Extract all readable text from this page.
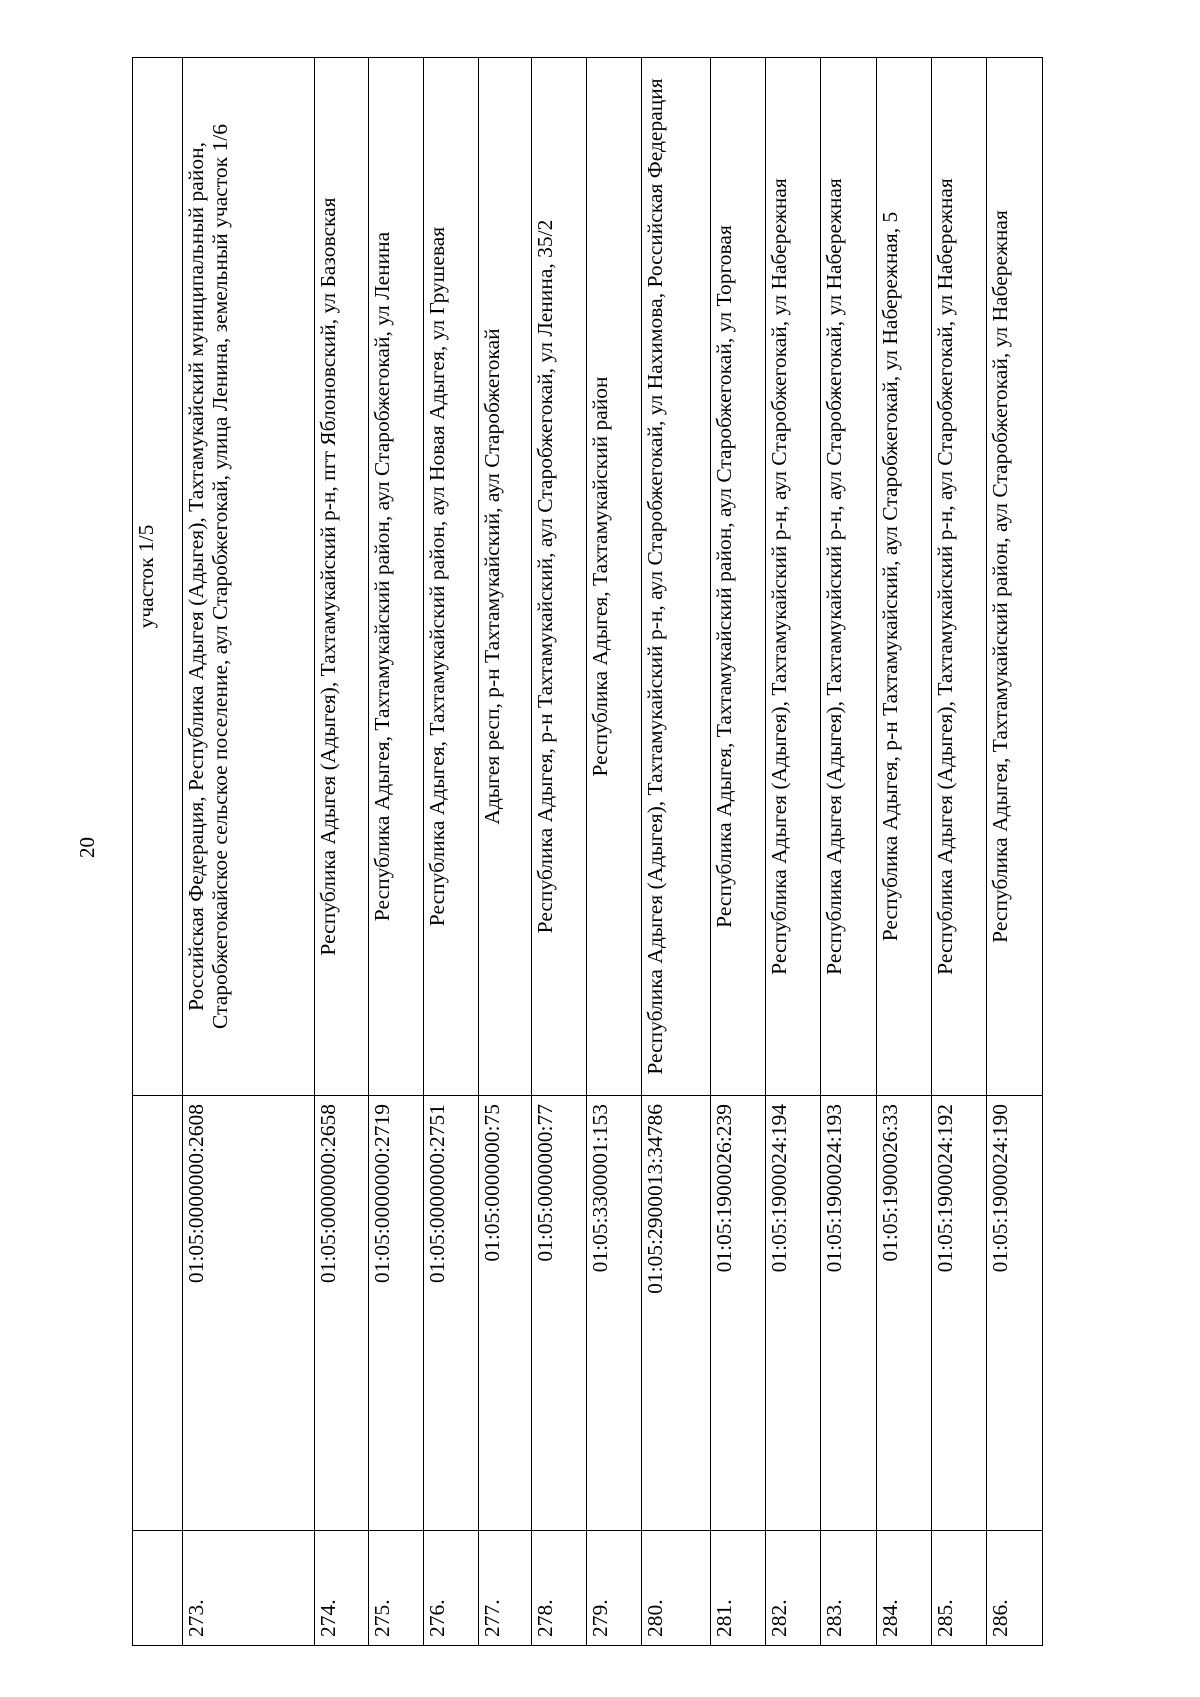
20
		участок 1/5
273.	01:05:0000000:2608	Российская Федерация, Республика Адыгея (Адыгея), Тахтамукайский муниципальный район, Старобжегокайское сельское поселение, аул Старобжегокай, улица Ленина, земельный участок 1/6
274.	01:05:0000000:2658	Республика Адыгея (Адыгея), Тахтамукайский р-н, пгт Яблоновский, ул Базовская
275.	01:05:0000000:2719	Республика Адыгея, Тахтамукайский район, аул Старобжегокай, ул Ленина
276.	01:05:0000000:2751	Республика Адыгея, Тахтамукайский район, аул Новая Адыгея, ул Грушевая
277.	01:05:0000000:75	Адыгея респ, р-н Тахтамукайский, аул Старобжегокай
278.	01:05:0000000:77	Республика Адыгея, р-н Тахтамукайский, аул Старобжегокай, ул Ленина, 35/2
279.	01:05:3300001:153	Республика Адыгея, Тахтамукайский район
280.	01:05:2900013:34786	Республика Адыгея (Адыгея), Тахтамукайский р-н, аул Старобжегокай, ул Нахимова, Российская Федерация
281.	01:05:1900026:239	Республика Адыгея, Тахтамукайский район, аул Старобжегокай, ул Торговая
282.	01:05:1900024:194	Республика Адыгея (Адыгея), Тахтамукайский р-н, аул Старобжегокай, ул Набережная
283.	01:05:1900024:193	Республика Адыгея (Адыгея), Тахтамукайский р-н, аул Старобжегокай, ул Набережная
284.	01:05:1900026:33	Республика Адыгея, р-н Тахтамукайский, аул Старобжегокай, ул Набережная, 5
285.	01:05:1900024:192	Республика Адыгея (Адыгея), Тахтамукайский р-н, аул Старобжегокай, ул Набережная
286.	01:05:1900024:190	Республика Адыгея, Тахтамукайский район, аул Старобжегокай, ул Набережная
